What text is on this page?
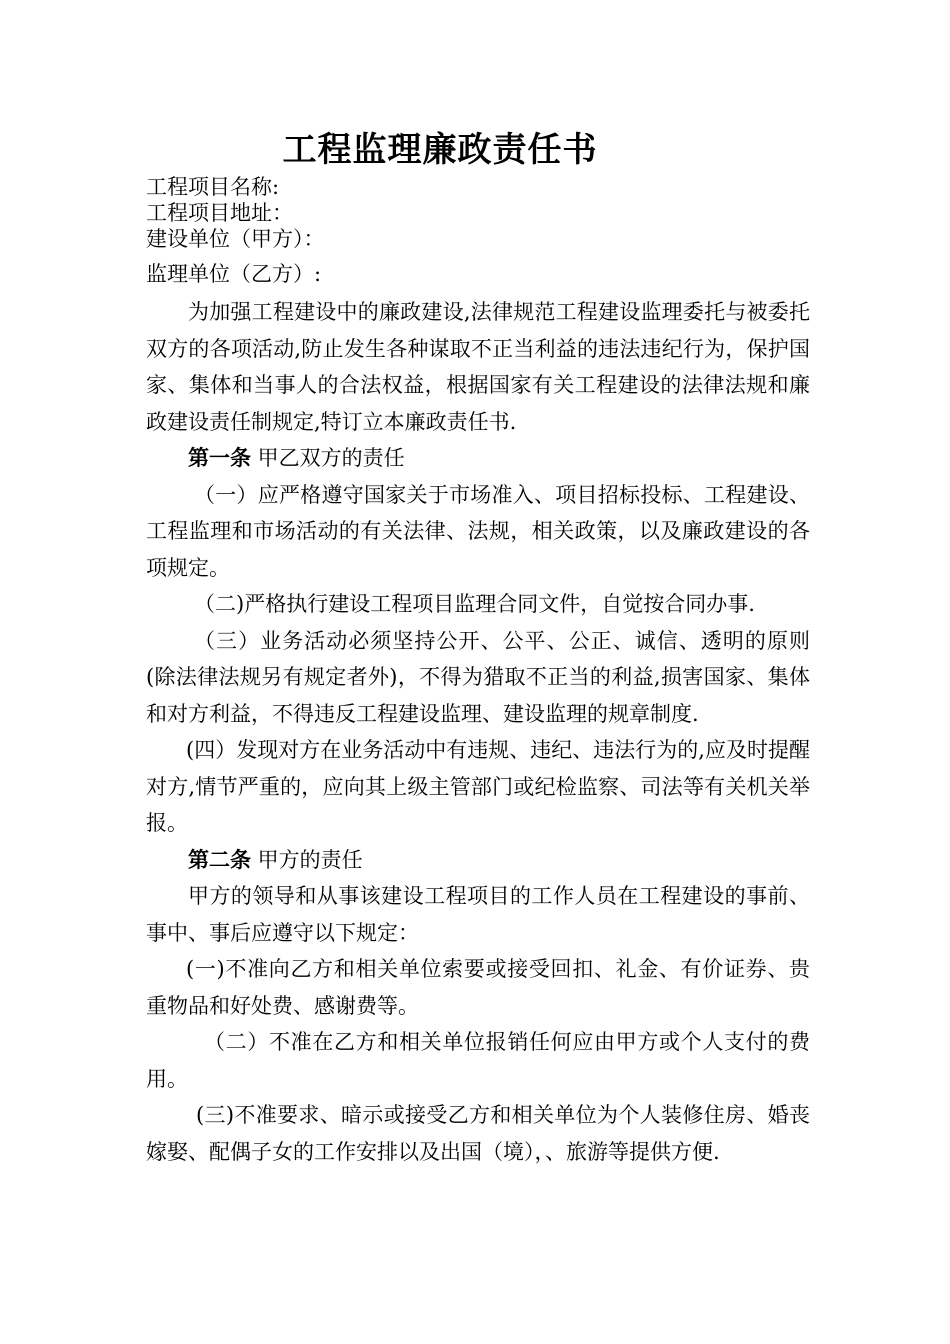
工程监理廉政责任书
工程项目名称:
工程项目地址：
建设单位（甲方）：
监理单位（乙方）:

为加强工程建设中的廉政建设,法律规范工程建设监理委托与被委托双方的各项活动,防止发生各种谋取不正当利益的违法违纪行为，保护国家、集体和当事人的合法权益，根据国家有关工程建设的法律法规和廉政建设责任制规定,特订立本廉政责任书.

第一条 甲乙双方的责任

（一）应严格遵守国家关于市场准入、项目招标投标、工程建设、工程监理和市场活动的有关法律、法规，相关政策，以及廉政建设的各项规定。

（二)严格执行建设工程项目监理合同文件，自觉按合同办事.

（三）业务活动必须坚持公开、公平、公正、诚信、透明的原则(除法律法规另有规定者外)，不得为猎取不正当的利益,损害国家、集体和对方利益，不得违反工程建设监理、建设监理的规章制度.

(四）发现对方在业务活动中有违规、违纪、违法行为的,应及时提醒对方,情节严重的，应向其上级主管部门或纪检监察、司法等有关机关举报。

第二条 甲方的责任

甲方的领导和从事该建设工程项目的工作人员在工程建设的事前、事中、事后应遵守以下规定：

(一)不准向乙方和相关单位索要或接受回扣、礼金、有价证券、贵重物品和好处费、感谢费等。

（二）不准在乙方和相关单位报销任何应由甲方或个人支付的费用。

(三)不准要求、暗示或接受乙方和相关单位为个人装修住房、婚丧嫁娶、配偶子女的工作安排以及出国（境），、旅游等提供方便.
